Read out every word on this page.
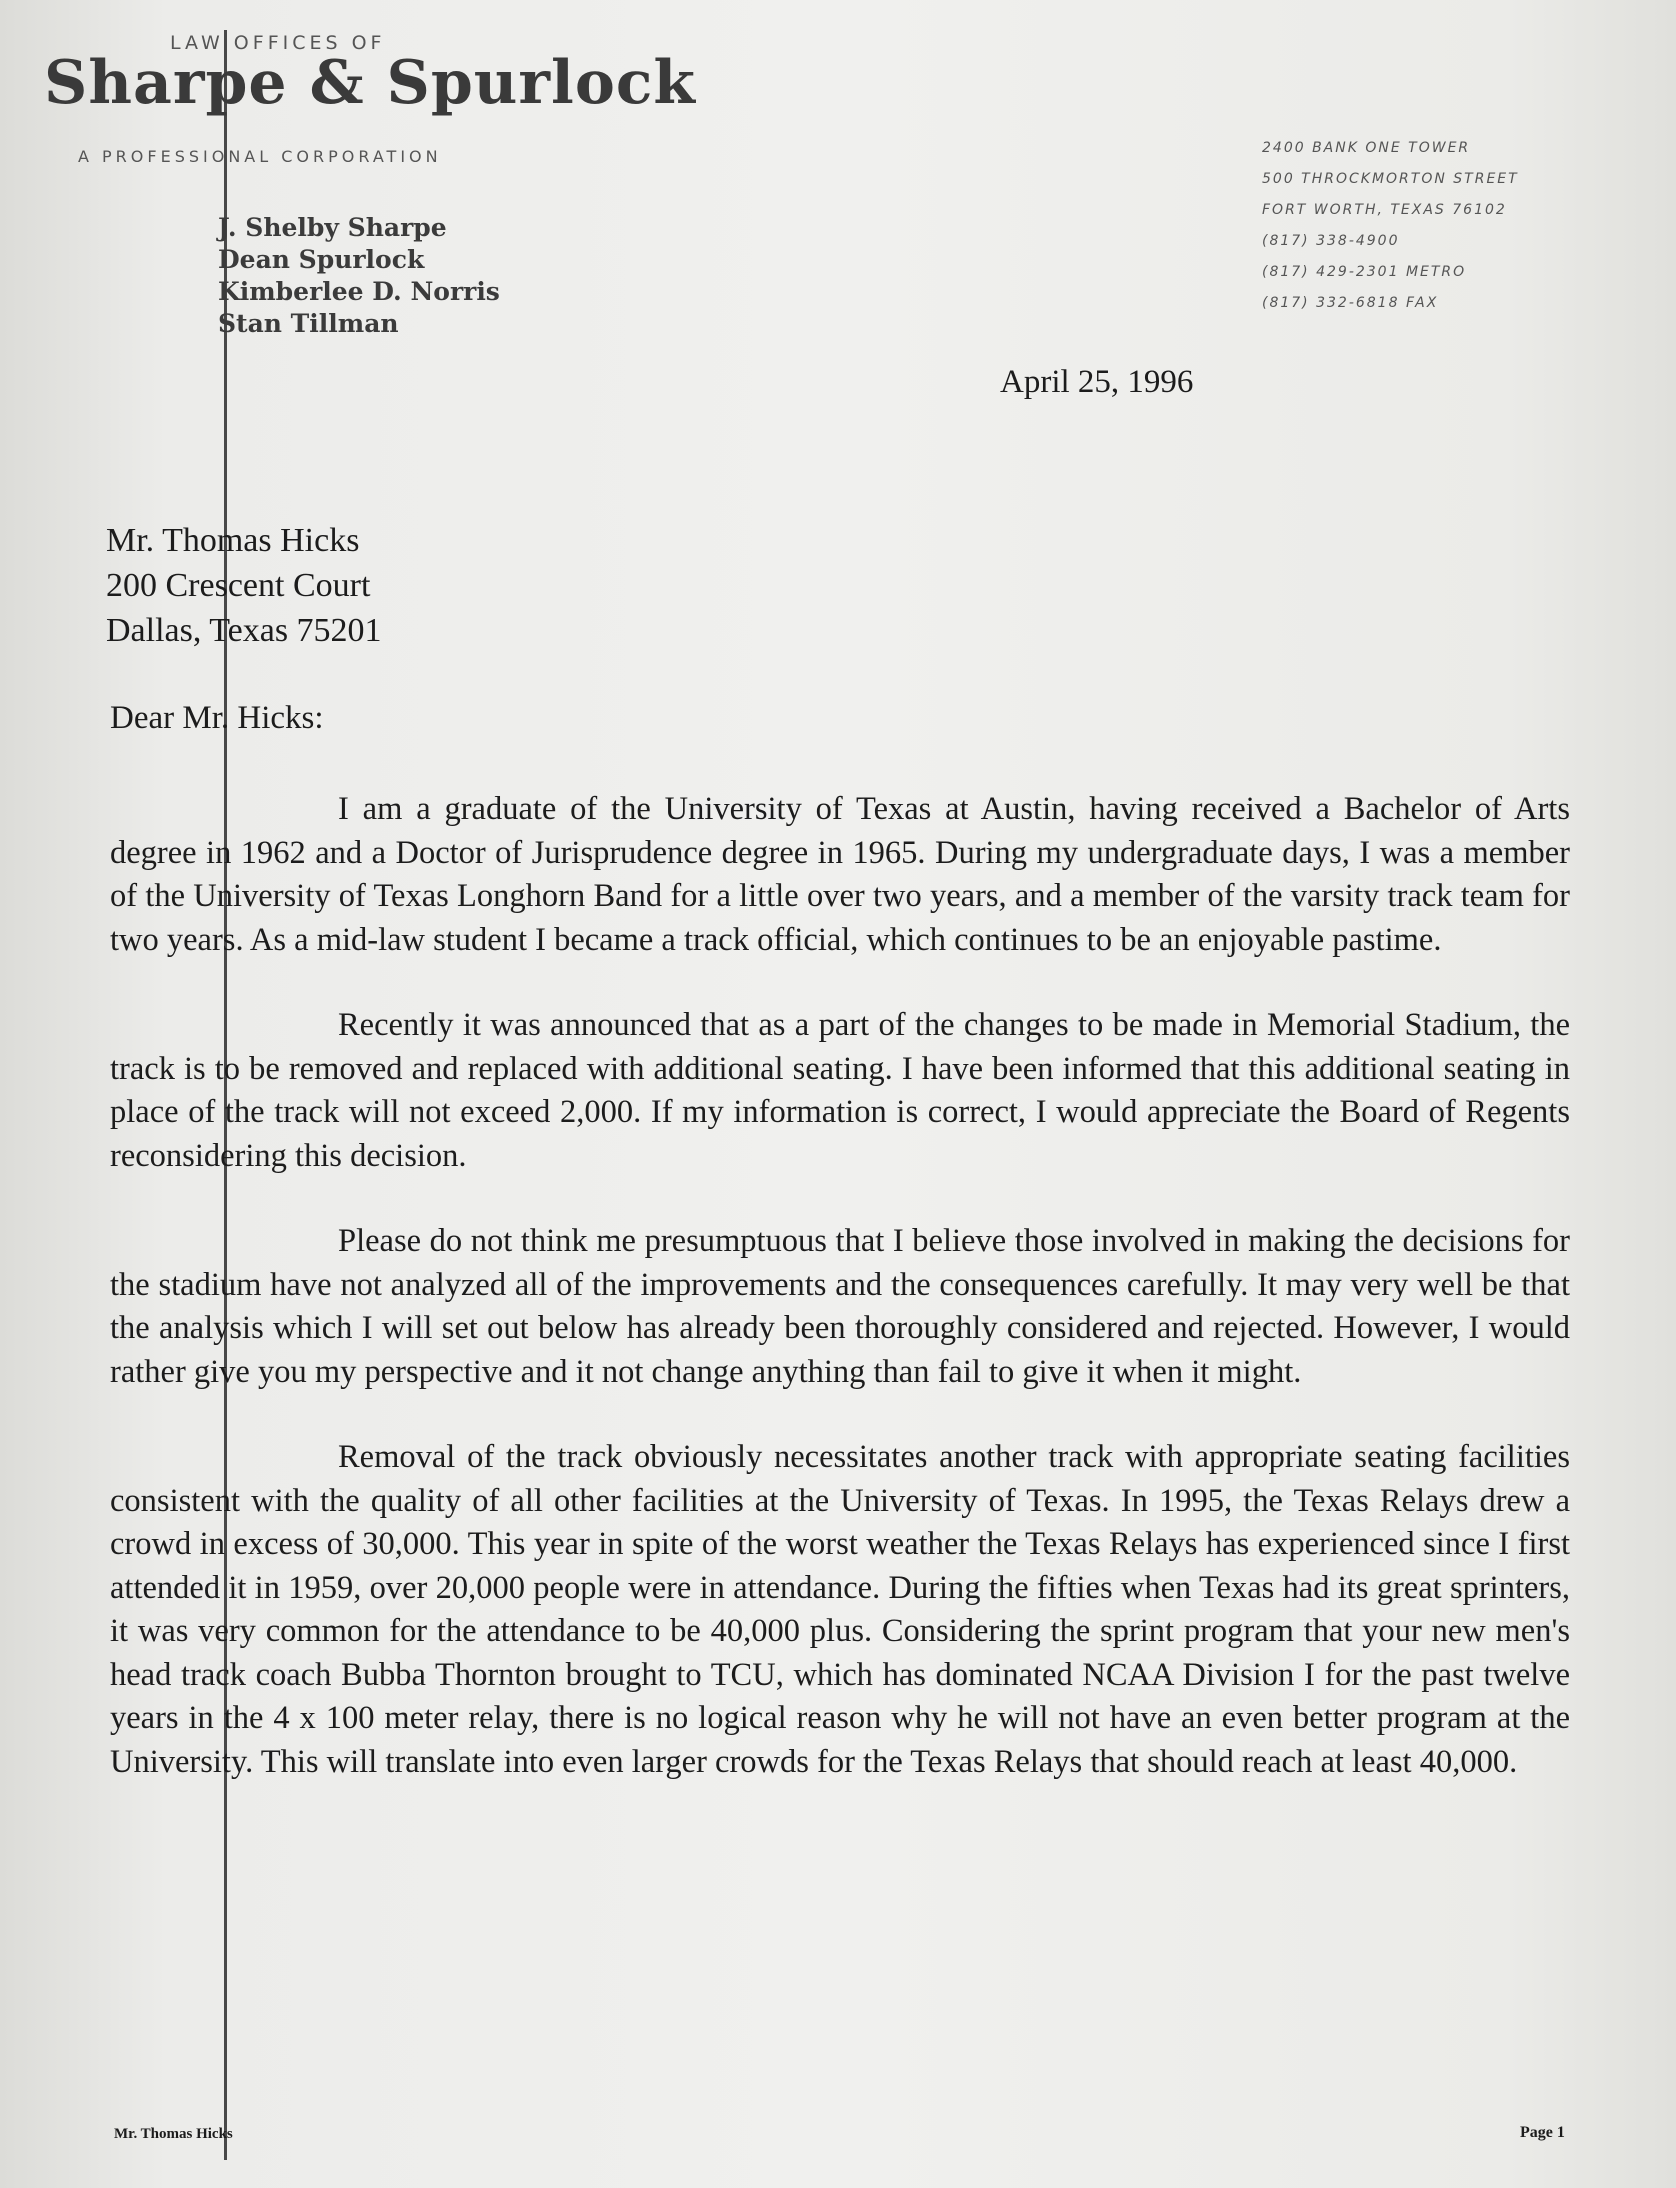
LAW OFFICES OF
Sharpe & Spurlock
A PROFESSIONAL CORPORATION
J. Shelby Sharpe
Dean Spurlock
Kimberlee D. Norris
Stan Tillman
2400 BANK ONE TOWER
500 THROCKMORTON STREET
FORT WORTH, TEXAS 76102
(817) 338-4900
(817) 429-2301 METRO
(817) 332-6818 FAX
April 25, 1996
Mr. Thomas Hicks
200 Crescent Court
Dallas, Texas 75201
Dear Mr. Hicks:

I am a graduate of the University of Texas at Austin, having received a Bachelor of Arts degree in 1962 and a Doctor of Jurisprudence degree in 1965. During my undergraduate days, I was a member of the University of Texas Longhorn Band for a little over two years, and a member of the varsity track team for two years. As a mid-law student I became a track official, which continues to be an enjoyable pastime.

Recently it was announced that as a part of the changes to be made in Memorial Stadium, the track is to be removed and replaced with additional seating. I have been informed that this additional seating in place of the track will not exceed 2,000. If my information is correct, I would appreciate the Board of Regents reconsidering this decision.

Please do not think me presumptuous that I believe those involved in making the decisions for the stadium have not analyzed all of the improvements and the consequences carefully. It may very well be that the analysis which I will set out below has already been thoroughly considered and rejected. However, I would rather give you my perspective and it not change anything than fail to give it when it might.

Removal of the track obviously necessitates another track with appropriate seating facilities consistent with the quality of all other facilities at the University of Texas. In 1995, the Texas Relays drew a crowd in excess of 30,000. This year in spite of the worst weather the Texas Relays has experienced since I first attended it in 1959, over 20,000 people were in attendance. During the fifties when Texas had its great sprinters, it was very common for the attendance to be 40,000 plus. Considering the sprint program that your new men's head track coach Bubba Thornton brought to TCU, which has dominated NCAA Division I for the past twelve years in the 4 x 100 meter relay, there is no logical reason why he will not have an even better program at the University. This will translate into even larger crowds for the Texas Relays that should reach at least 40,000.

Mr. Thomas Hicks	Page 1
